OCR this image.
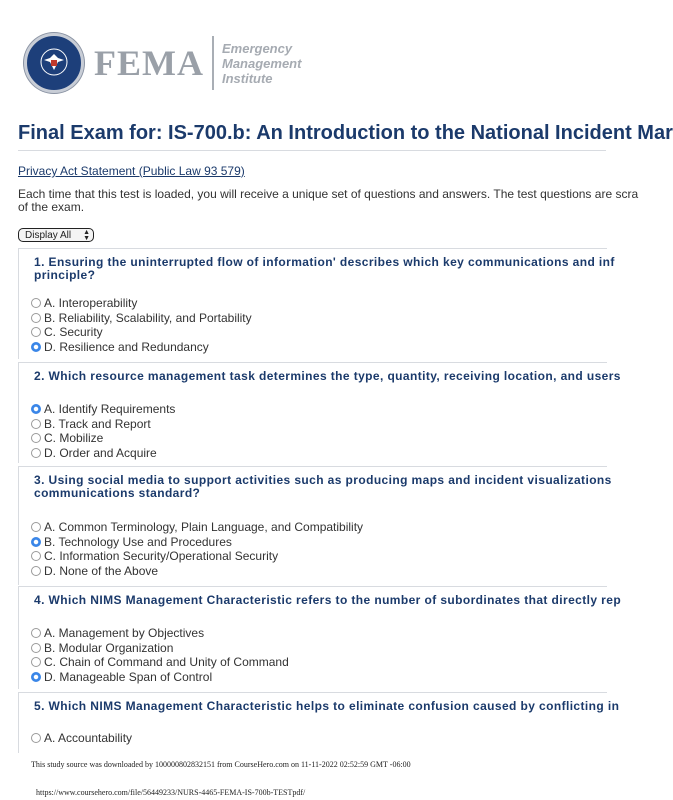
FEMA Emergency
Management
Institute
Final Exam for: IS-700.b: An Introduction to the National Incident Mar
Privacy Act Statement (Public Law 93 579)
Each time that this test is loaded, you will receive a unique set of questions and answers. The test questions are scra
of the exam.
Display All ▲
▼
1. Ensuring the uninterrupted flow of information' describes which key communications and inf
principle?
A. Interoperability
B. Reliability, Scalability, and Portability
C. Security
D. Resilience and Redundancy
2. Which resource management task determines the type, quantity, receiving location, and users
A. Identify Requirements
B. Track and Report
C. Mobilize
D. Order and Acquire
3. Using social media to support activities such as producing maps and incident visualizations
communications standard?
A. Common Terminology, Plain Language, and Compatibility
B. Technology Use and Procedures
C. Information Security/Operational Security
D. None of the Above
4. Which NIMS Management Characteristic refers to the number of subordinates that directly rep
A. Management by Objectives
B. Modular Organization
C. Chain of Command and Unity of Command
D. Manageable Span of Control
5. Which NIMS Management Characteristic helps to eliminate confusion caused by conflicting in
A. Accountability
This study source was downloaded by 100000802832151 from CourseHero.com on 11-11-2022 02:52:59 GMT -06:00
https://www.coursehero.com/file/56449233/NURS-4465-FEMA-IS-700b-TESTpdf/
